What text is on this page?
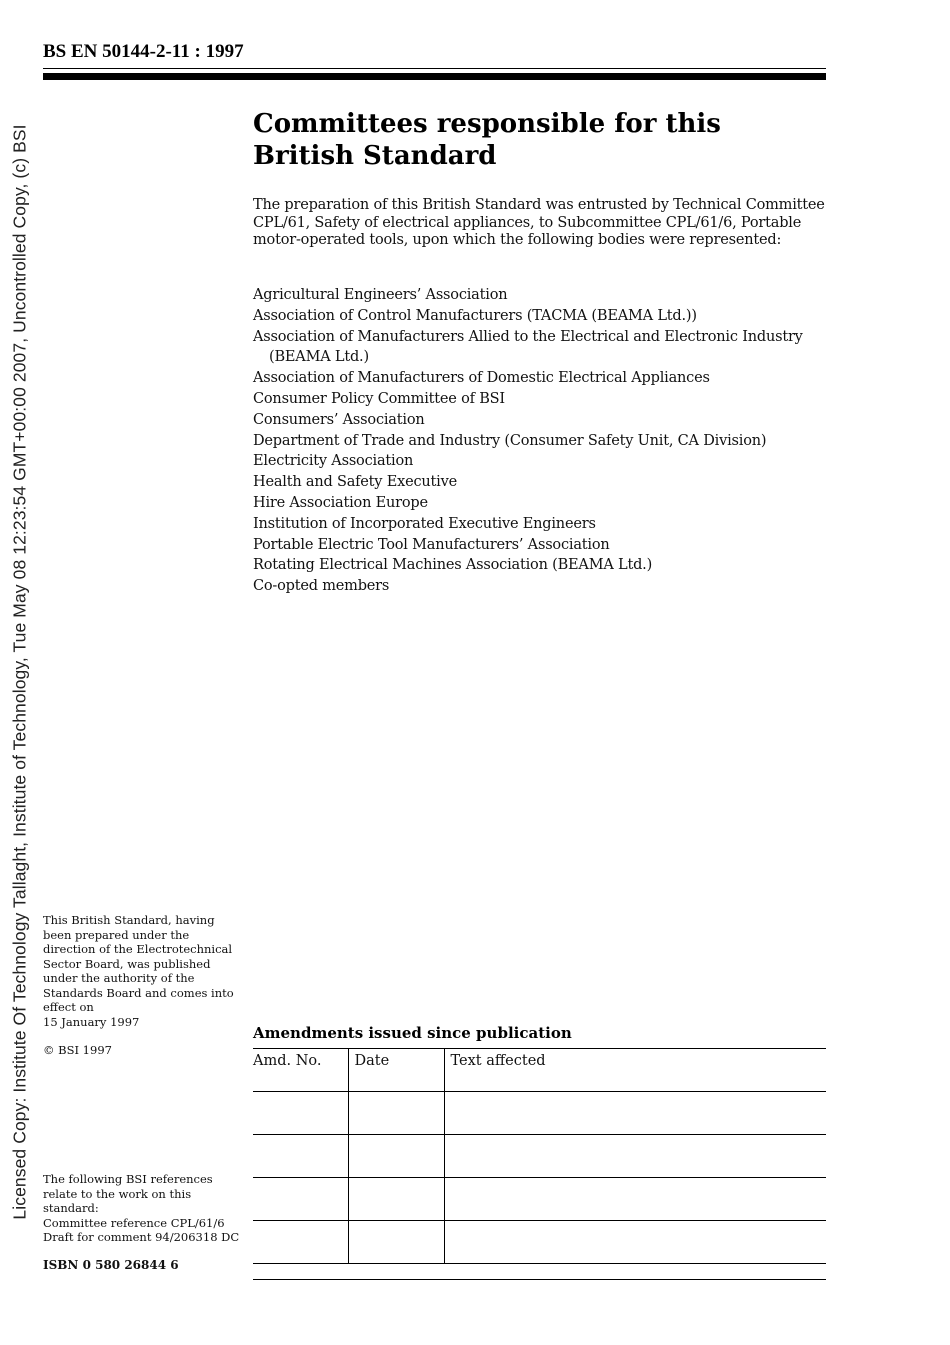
Licensed Copy: Institute Of Technology Tallaght, Institute of Technology, Tue May 08 12:23:54 GMT+00:00 2007, Uncontrolled Copy, (c) BSI
BS EN 50144-2-11 : 1997
Committees responsible for this
British Standard

The preparation of this British Standard was entrusted by Technical Committee
CPL/61, Safety of electrical appliances, to Subcommittee CPL/61/6, Portable
motor-operated tools, upon which the following bodies were represented:

Agricultural Engineers’ Association
Association of Control Manufacturers (TACMA (BEAMA Ltd.))
Association of Manufacturers Allied to the Electrical and Electronic Industry
(BEAMA Ltd.)
Association of Manufacturers of Domestic Electrical Appliances
Consumer Policy Committee of BSI
Consumers’ Association
Department of Trade and Industry (Consumer Safety Unit, CA Division)
Electricity Association
Health and Safety Executive
Hire Association Europe
Institution of Incorporated Executive Engineers
Portable Electric Tool Manufacturers’ Association
Rotating Electrical Machines Association (BEAMA Ltd.)
Co-opted members

This British Standard, having
been prepared under the
direction of the Electrotechnical
Sector Board, was published
under the authority of the
Standards Board and comes into
effect on
15 January 1997

© BSI 1997

The following BSI references
relate to the work on this
standard:
Committee reference CPL/61/6
Draft for comment 94/206318 DC

ISBN 0 580 26844 6
Amendments issued since publication
Amd. No.	Date	Text affected
